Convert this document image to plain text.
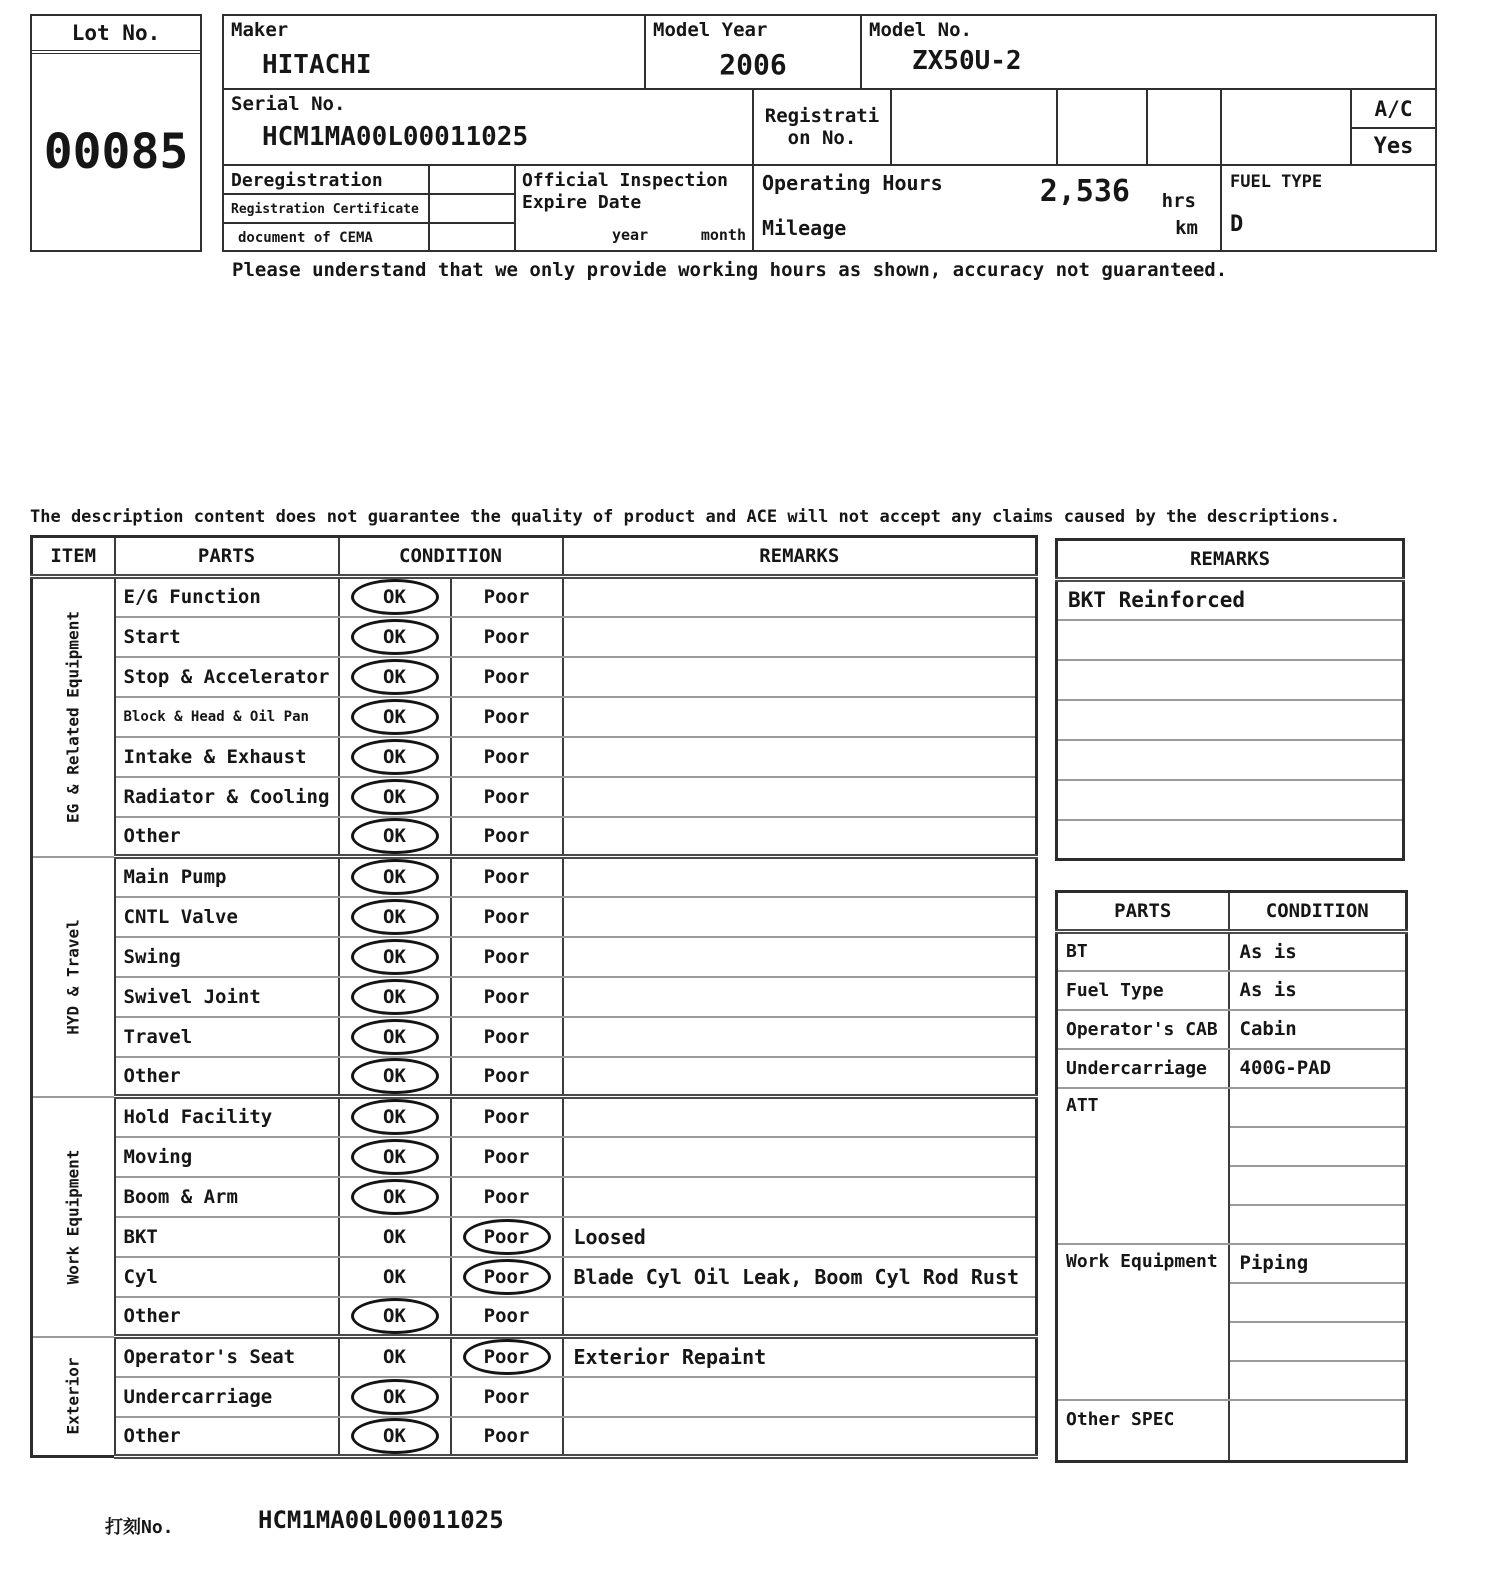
Lot No.
00085
Maker
HITACHI
Model Year
2006
Model No.
ZX50U-2
Serial No.
HCM1MA00L00011025
Registration No.
A/C
Yes
Deregistration
Registration Certificate
document of CEMA
Official Inspection
Expire Date
year	month
Operating Hours	2,536 hrs
Mileage	km
FUEL TYPE
D
Please understand that we only provide working hours as shown, accuracy not guaranteed.
The description content does not guarantee the quality of product and ACE will not accept any claims caused by the descriptions.
ITEM	PARTS	CONDITION		REMARKS

EG & Related Equipment	E/G Function	OK	Poor	
	Start	OK	Poor	
	Stop & Accelerator	OK	Poor	
	Block & Head & Oil Pan	OK	Poor	
	Intake & Exhaust	OK	Poor	
	Radiator & Cooling	OK	Poor	
	Other	OK	Poor	

HYD & Travel	Main Pump	OK	Poor	
	CNTL Valve	OK	Poor	
	Swing	OK	Poor	
	Swivel Joint	OK	Poor	
	Travel	OK	Poor	
	Other	OK	Poor	

Work Equipment	Hold Facility	OK	Poor	
	Moving	OK	Poor	
	Boom & Arm	OK	Poor	
	BKT	OK	Poor	Loosed
	Cyl	OK	Poor	Blade Cyl Oil Leak, Boom Cyl Rod Rust
	Other	OK	Poor	

Exterior	Operator's Seat	OK	Poor	Exterior Repaint
	Undercarriage	OK	Poor	
	Other	OK	Poor	
REMARKS
BKT Reinforced

PARTS	CONDITION
BT	As is
Fuel Type	As is
Operator's CAB	Cabin
Undercarriage	400G-PAD
ATT	

Work Equipment	Piping

Other SPEC	
打刻No.	HCM1MA00L00011025
